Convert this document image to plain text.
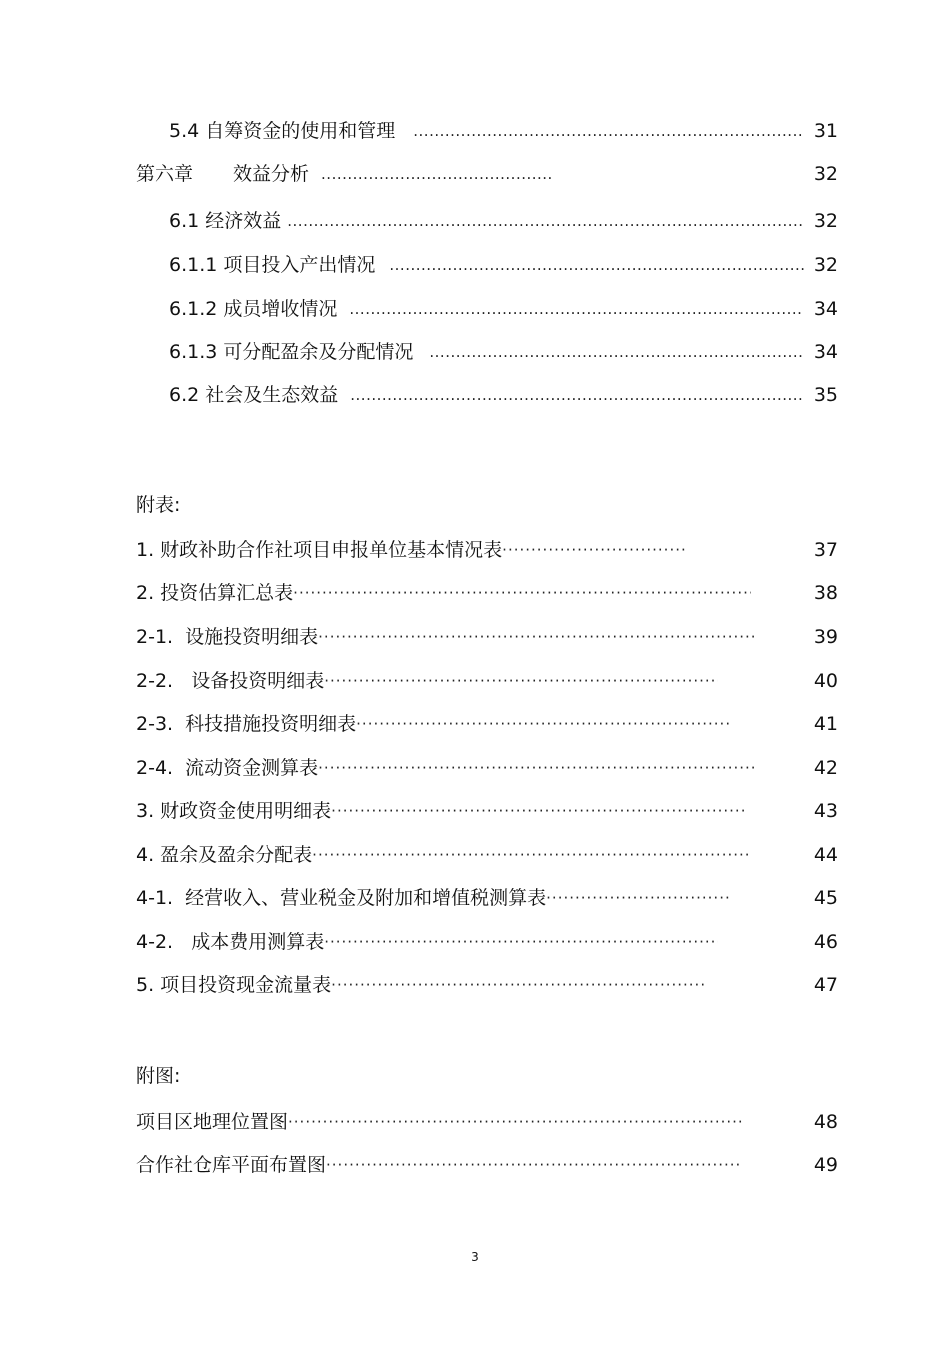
5.4 自筹资金的使用和管理 .....	31
第六章 效益分析 .....	32
6.1 经济效益 .....	32
6.1.1 项目投入产出情况 .....	32
6.1.2 成员增收情况 .....	34
6.1.3 可分配盈余及分配情况 .....	34
6.2 社会及生态效益 .....	35
附表:
1. 财政补助合作社项目申报单位基本情况表 ·····	37
2. 投资估算汇总表 ·····	38
2-1.  设施投资明细表 ·····	39
2-2.   设备投资明细表 ·····	40
2-3.  科技措施投资明细表 ·····	41
2-4.  流动资金测算表 ·····	42
3. 财政资金使用明细表 ·····	43
4. 盈余及盈余分配表 ·····	44
4-1.  经营收入、营业税金及附加和增值税测算表 ·····	45
4-2.   成本费用测算表 ·····	46
5. 项目投资现金流量表 ·····	47
附图:
项目区地理位置图 ·····	48
合作社仓库平面布置图 ·····	49
3
